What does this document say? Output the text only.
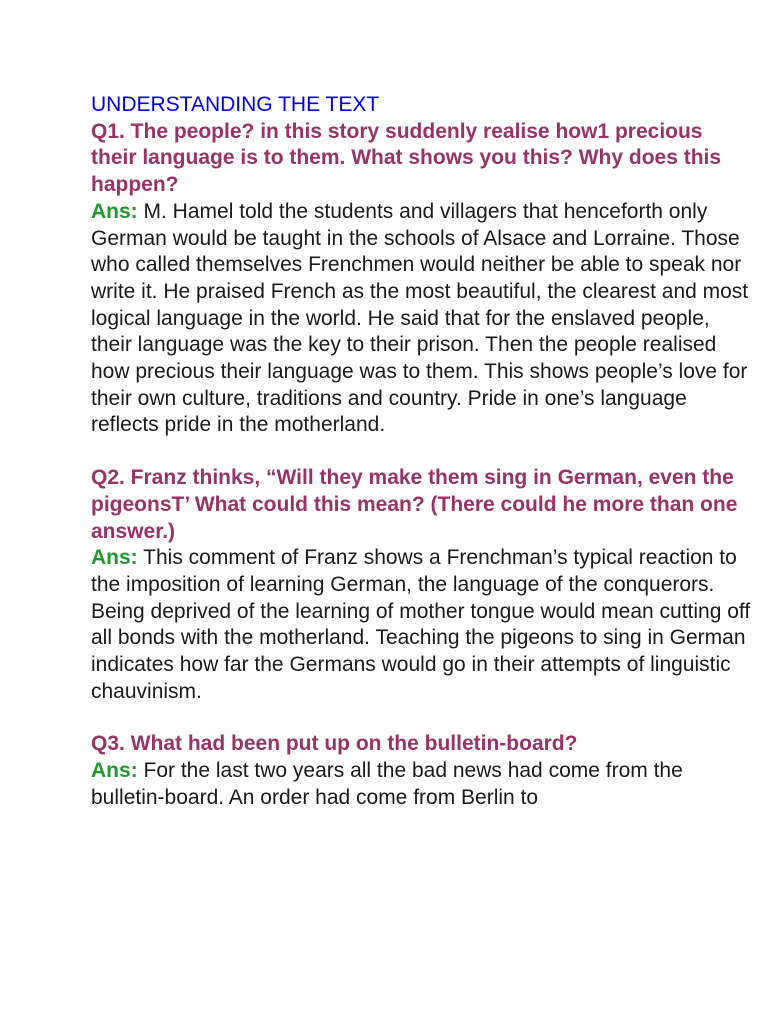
UNDERSTANDING THE TEXT

Q1. The people? in this story suddenly realise how1 precious their language is to them. What shows you this? Why does this happen?

Ans: M. Hamel told the students and villagers that henceforth only German would be taught in the schools of Alsace and Lorraine. Those who called themselves Frenchmen would neither be able to speak nor write it. He praised French as the most beautiful, the clearest and most logical language in the world. He said that for the enslaved people, their language was the key to their prison. Then the people realised how precious their language was to them. This shows people’s love for their own culture, traditions and country. Pride in one’s language reflects pride in the motherland.

Q2. Franz thinks, “Will they make them sing in German, even the pigeonsT’ What could this mean? (There could he more than one answer.)

Ans: This comment of Franz shows a Frenchman’s typical reaction to the imposition of learning German, the language of the conquerors. Being deprived of the learning of mother tongue would mean cutting off all bonds with the motherland. Teaching the pigeons to sing in German indicates how far the Germans would go in their attempts of linguistic chauvinism.

Q3. What had been put up on the bulletin-board?

Ans: For the last two years all the bad news had come from the bulletin-board. An order had come from Berlin to
